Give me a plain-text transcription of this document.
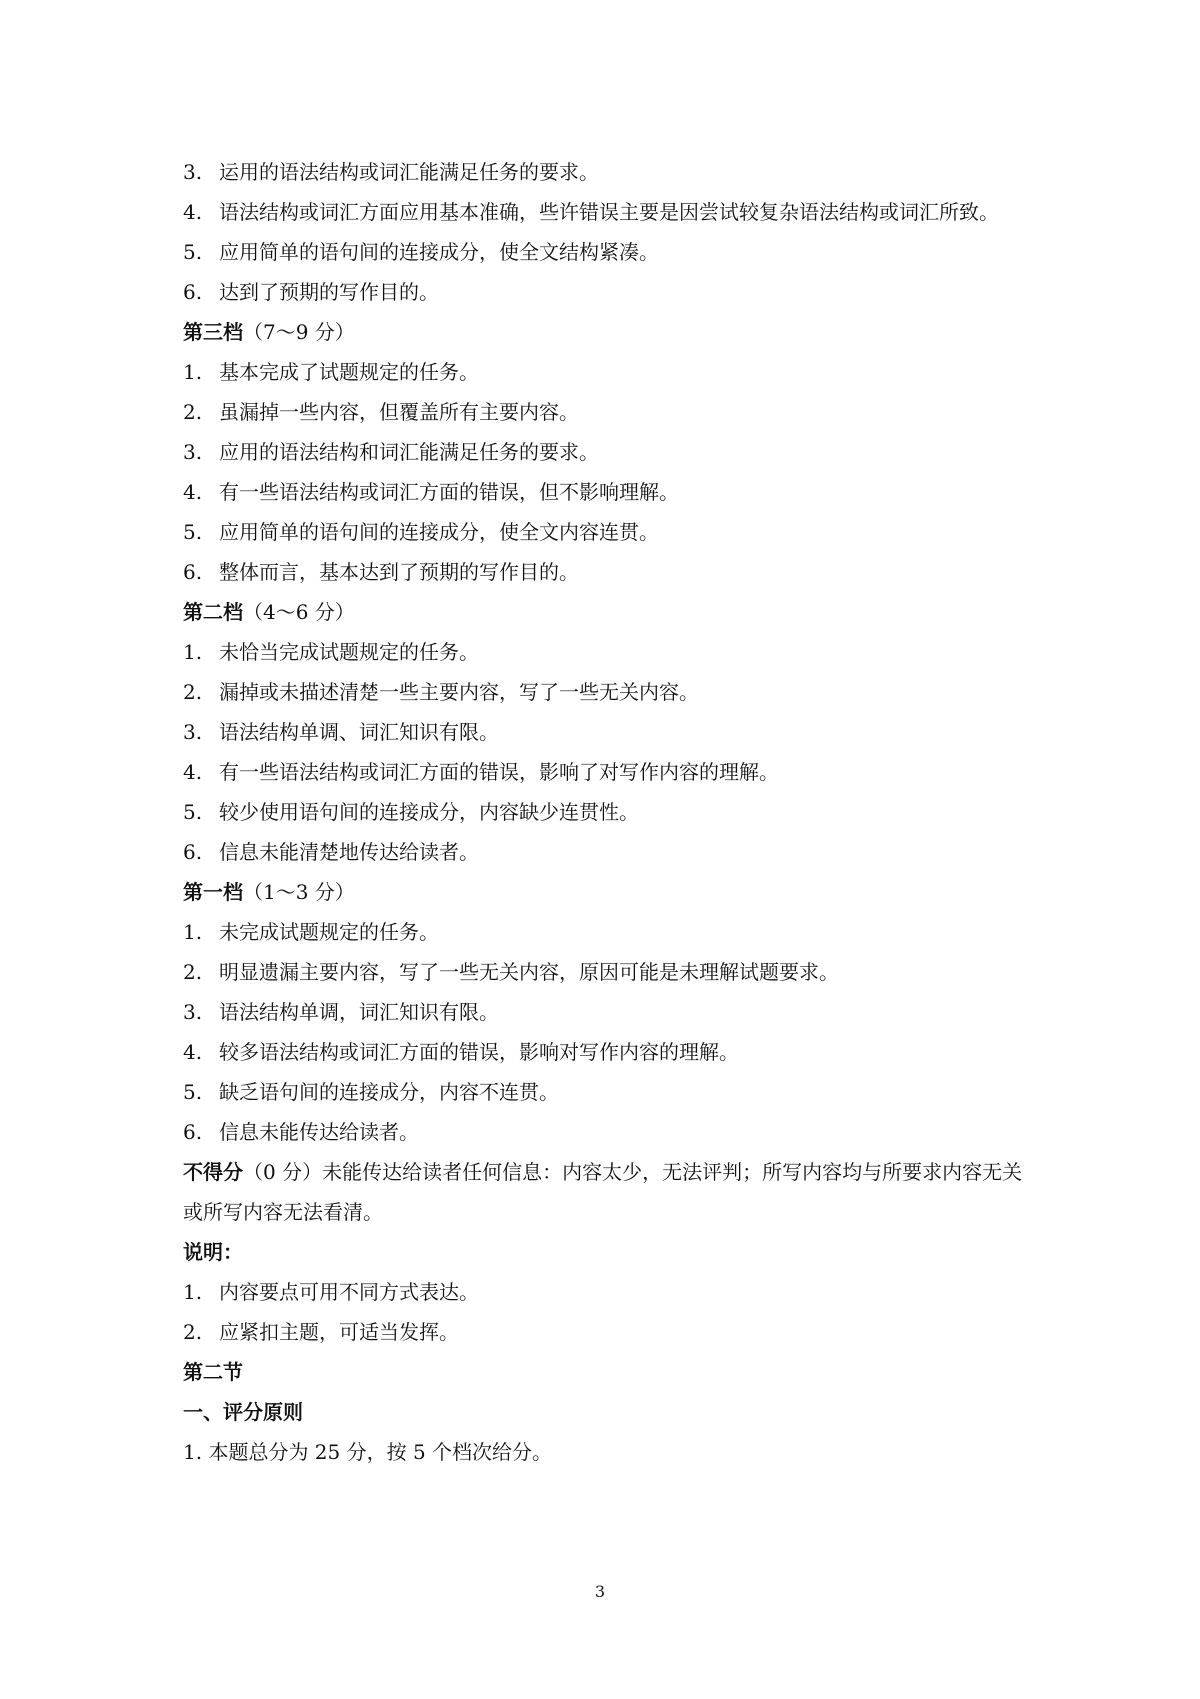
3. 运用的语法结构或词汇能满足任务的要求。
4. 语法结构或词汇方面应用基本准确，些许错误主要是因尝试较复杂语法结构或词汇所致。
5. 应用简单的语句间的连接成分，使全文结构紧凑。
6. 达到了预期的写作目的。
第三档（7～9 分）
1. 基本完成了试题规定的任务。
2. 虽漏掉一些内容，但覆盖所有主要内容。
3. 应用的语法结构和词汇能满足任务的要求。
4. 有一些语法结构或词汇方面的错误，但不影响理解。
5. 应用简单的语句间的连接成分，使全文内容连贯。
6. 整体而言，基本达到了预期的写作目的。
第二档（4～6 分）
1. 未恰当完成试题规定的任务。
2. 漏掉或未描述清楚一些主要内容，写了一些无关内容。
3. 语法结构单调、词汇知识有限。
4. 有一些语法结构或词汇方面的错误，影响了对写作内容的理解。
5. 较少使用语句间的连接成分，内容缺少连贯性。
6. 信息未能清楚地传达给读者。
第一档（1～3 分）
1. 未完成试题规定的任务。
2. 明显遗漏主要内容，写了一些无关内容，原因可能是未理解试题要求。
3. 语法结构单调，词汇知识有限。
4. 较多语法结构或词汇方面的错误，影响对写作内容的理解。
5. 缺乏语句间的连接成分，内容不连贯。
6. 信息未能传达给读者。
不得分（0 分）未能传达给读者任何信息：内容太少，无法评判；所写内容均与所要求内容无关或所写内容无法看清。
说明：
1. 内容要点可用不同方式表达。
2. 应紧扣主题，可适当发挥。
第二节
一、评分原则
1. 本题总分为 25 分，按 5 个档次给分。
3
